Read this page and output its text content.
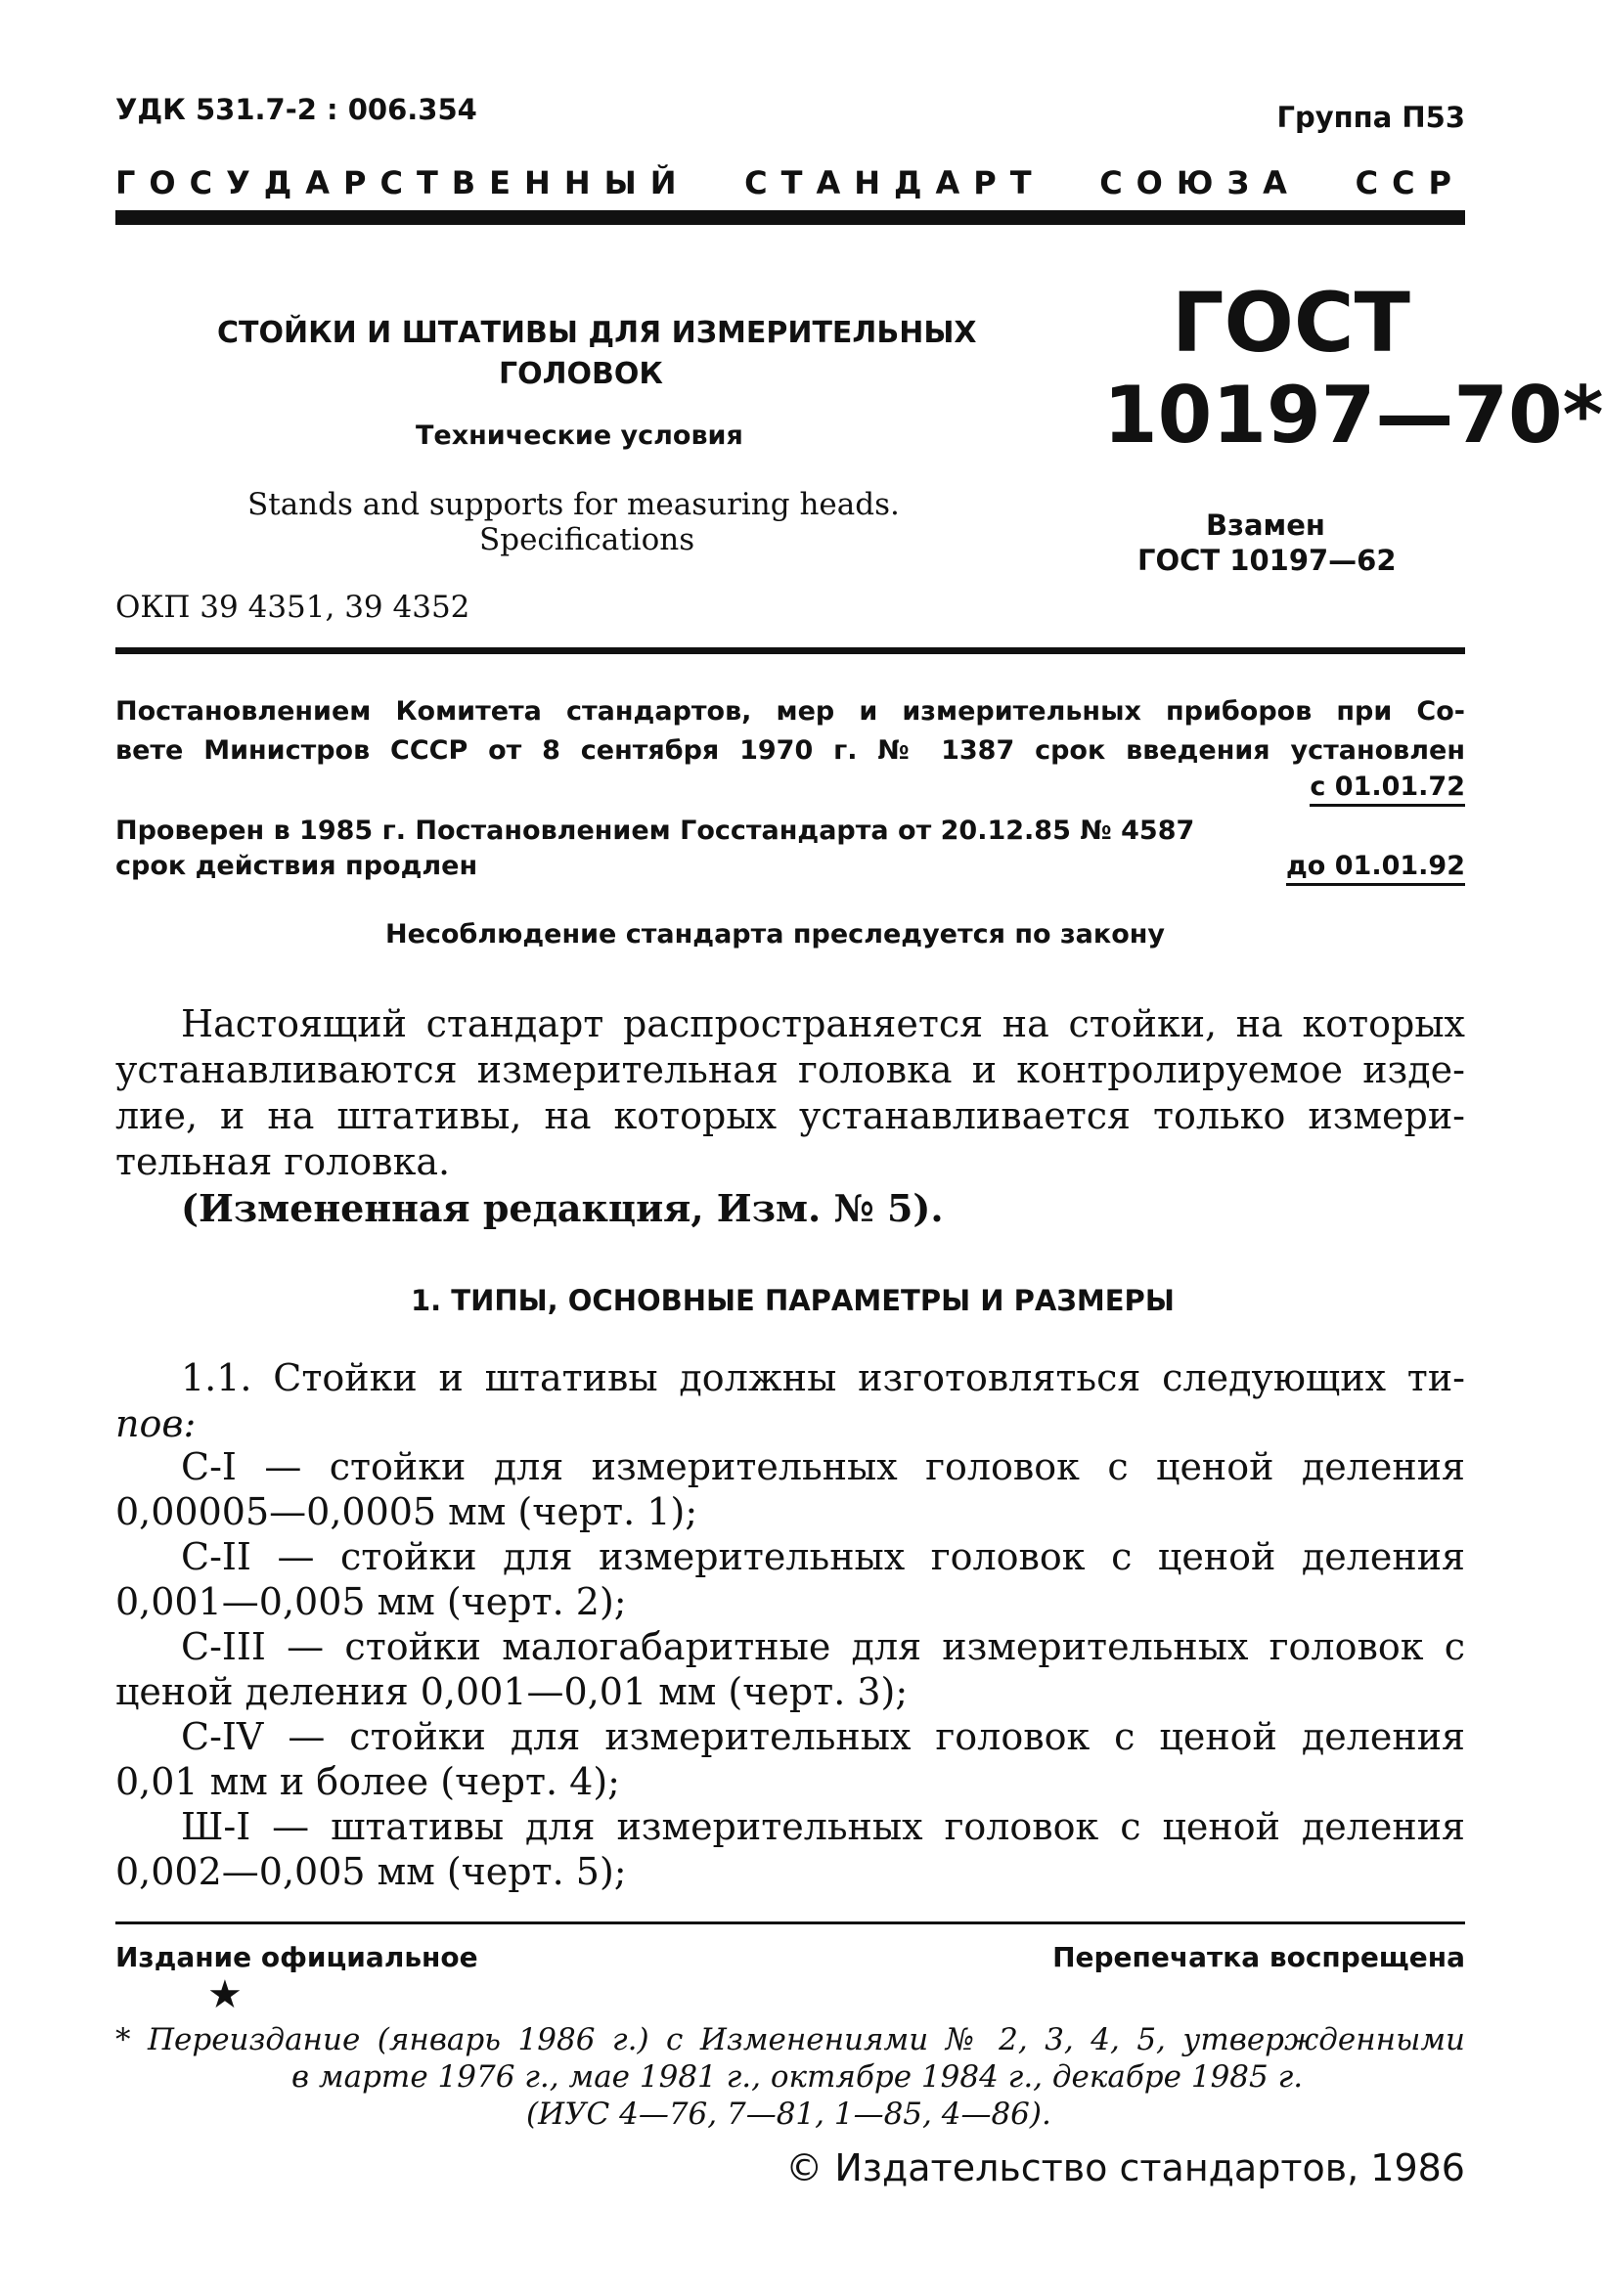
УДК 531.7-2 : 006.354	Группа П53
ГОСУДАРСТВЕННЫЙ СТАНДАРТ СОЮЗА ССР
СТОЙКИ И ШТАТИВЫ ДЛЯ ИЗМЕРИТЕЛЬНЫХ
ГОЛОВОК
Технические условия
Stands and supports for measuring heads.
Specifications
ОКП 39 4351, 39 4352
ГОСТ
10197—70*
Взамен
ГОСТ 10197—62
Постановлением Комитета стандартов, мер и измерительных приборов при Со-
вете Министров СССР от 8 сентября 1970 г. № 1387 срок введения установлен
с 01.01.72
Проверен в 1985 г. Постановлением Госстандарта от 20.12.85 № 4587
срок действия продлен	до 01.01.92
Несоблюдение стандарта преследуется по закону
Настоящий стандарт распространяется на стойки, на которых
устанавливаются измерительная головка и контролируемое изде-
лие, и на штативы, на которых устанавливается только измери-
тельная головка.
(Измененная редакция, Изм. № 5).
1. ТИПЫ, ОСНОВНЫЕ ПАРАМЕТРЫ И РАЗМЕРЫ
1.1. Стойки и штативы должны изготовляться следующих ти-
пов:
С-I — стойки для измерительных головок с ценой деления
0,00005—0,0005 мм (черт. 1);
С-II — стойки для измерительных головок с ценой деления
0,001—0,005 мм (черт. 2);
С-III — стойки малогабаритные для измерительных головок с
ценой деления 0,001—0,01 мм (черт. 3);
С-IV — стойки для измерительных головок с ценой деления
0,01 мм и более (черт. 4);
Ш-I — штативы для измерительных головок с ценой деления
0,002—0,005 мм (черт. 5);
Издание официальное	Перепечатка воспрещена
★
* Переиздание (январь 1986 г.) с Изменениями № 2, 3, 4, 5, утвержденными
в марте 1976 г., мае 1981 г., октябре 1984 г., декабре 1985 г.
(ИУС 4—76, 7—81, 1—85, 4—86).
© Издательство стандартов, 1986
